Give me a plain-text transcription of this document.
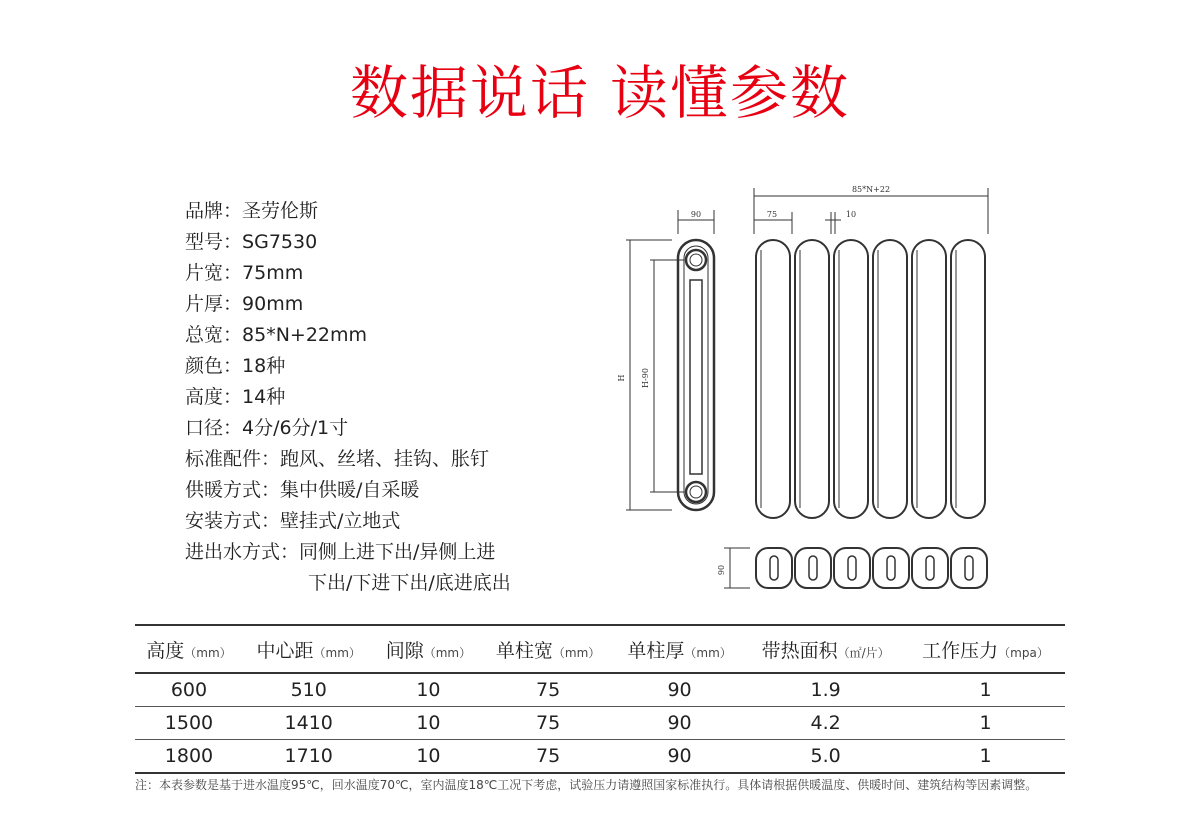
数据说话 读懂参数
品牌：圣劳伦斯
型号：SG7530
片宽：75mm
片厚：90mm
总宽：85*N+22mm
颜色：18种
高度：14种
口径：4分/6分/1寸
标准配件：跑风、丝堵、挂钩、胀钉
供暖方式：集中供暖/自采暖
安装方式：壁挂式/立地式
进出水方式：同侧上进下出/异侧上进
下出/下进下出/底进底出
90
85*N+22
75	10
H H-90
90
高度（mm）	中心距（mm）	间隙（mm）	单柱宽（mm）	单柱厚（mm）	带热面积（㎡/片）	工作压力（mpa）
600	510	10	75	90	1.9	1
1500	1410	10	75	90	4.2	1
1800	1710	10	75	90	5.0	1
注：本表参数是基于进水温度95℃，回水温度70℃，室内温度18℃工况下考虑，试验压力请遵照国家标准执行。具体请根据供暖温度、供暖时间、建筑结构等因素调整。
